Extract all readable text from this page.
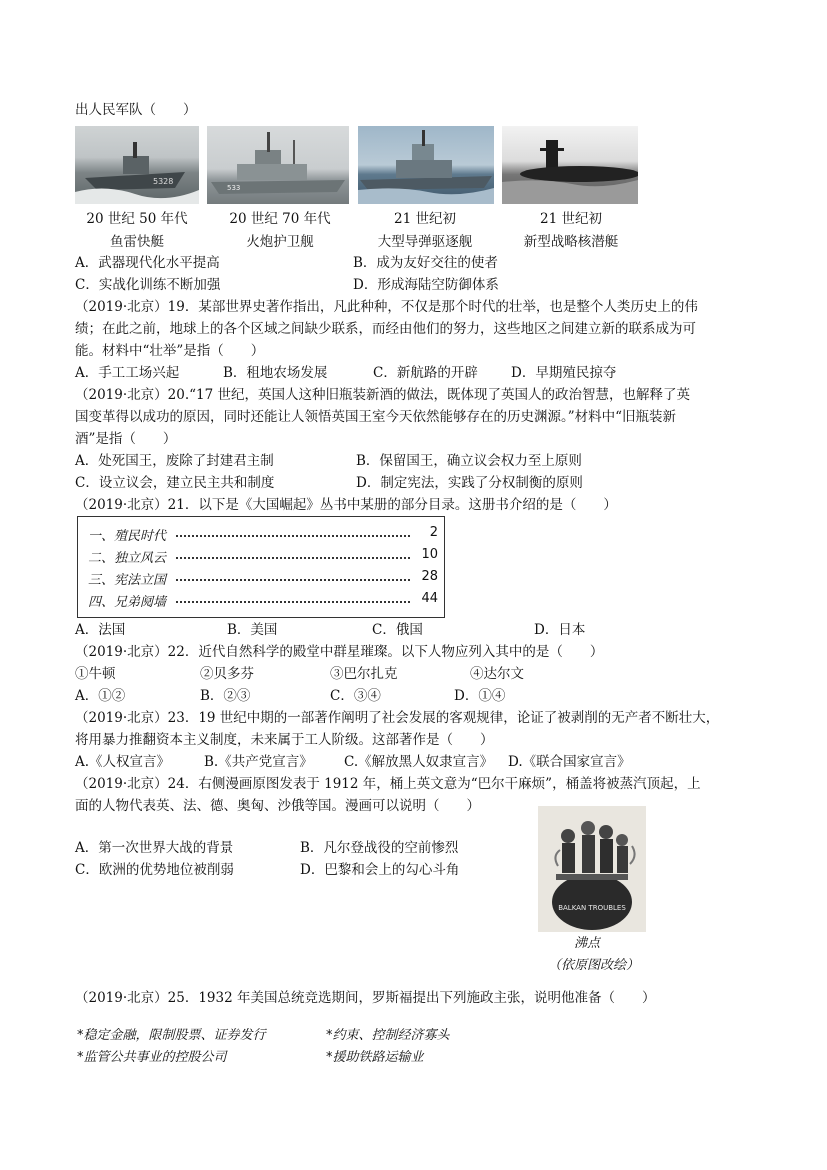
出人民军队（　　）
5328
533
20 世纪 50 年代
鱼雷快艇
20 世纪 70 年代
火炮护卫舰
21 世纪初
大型导弹驱逐舰
21 世纪初
新型战略核潜艇
A．武器现代化水平提高	B．成为友好交往的使者
C．实战化训练不断加强	D．形成海陆空防御体系
（2019·北京）19．某部世界史著作指出，凡此种种，不仅是那个时代的壮举，也是整个人类历史上的伟
绩；在此之前，地球上的各个区域之间缺少联系，而经由他们的努力，这些地区之间建立新的联系成为可
能。材料中“壮举”是指（　　）
A．手工工场兴起	B．租地农场发展	C．新航路的开辟 D．早期殖民掠夺
（2019·北京）20.“17 世纪，英国人这种旧瓶装新酒的做法，既体现了英国人的政治智慧，也解释了英
国变革得以成功的原因，同时还能让人领悟英国王室今天依然能够存在的历史渊源。”材料中“旧瓶装新
酒”是指（　　）
A．处死国王，废除了封建君主制	B．保留国王，确立议会权力至上原则
C．设立议会，建立民主共和制度	D．制定宪法，实践了分权制衡的原则
（2019·北京）21．以下是《大国崛起》丛书中某册的部分目录。这册书介绍的是（　　）
一、殖民时代	2
二、独立风云	10
三、宪法立国	28
四、兄弟阋墙	44
A．法国	B．美国	C．俄国	D．日本
（2019·北京）22．近代自然科学的殿堂中群星璀璨。以下人物应列入其中的是（　　）
①牛顿	②贝多芬	③巴尔扎克	④达尔文
A．①②	B．②③	C．③④	D．①④
（2019·北京）23．19 世纪中期的一部著作阐明了社会发展的客观规律，论证了被剥削的无产者不断壮大，
将用暴力推翻资本主义制度，未来属于工人阶级。这部著作是（　　）
A.《人权宣言》	B.《共产党宣言》 C.《解放黑人奴隶宣言》 D.《联合国家宣言》
（2019·北京）24．右侧漫画原图发表于 1912 年，桶上英文意为“巴尔干麻烦”，桶盖将被蒸汽顶起，上
面的人物代表英、法、德、奥匈、沙俄等国。漫画可以说明（　　）
A．第一次世界大战的背景	B．凡尔登战役的空前惨烈
C．欧洲的优势地位被削弱	D．巴黎和会上的勾心斗角
BALKAN TROUBLES
沸点
（依原图改绘）
（2019·北京）25．1932 年美国总统竞选期间，罗斯福提出下列施政主张，说明他准备（　　）
*稳定金融，限制股票、证券发行	*约束、控制经济寡头
*监管公共事业的控股公司	*援助铁路运输业
